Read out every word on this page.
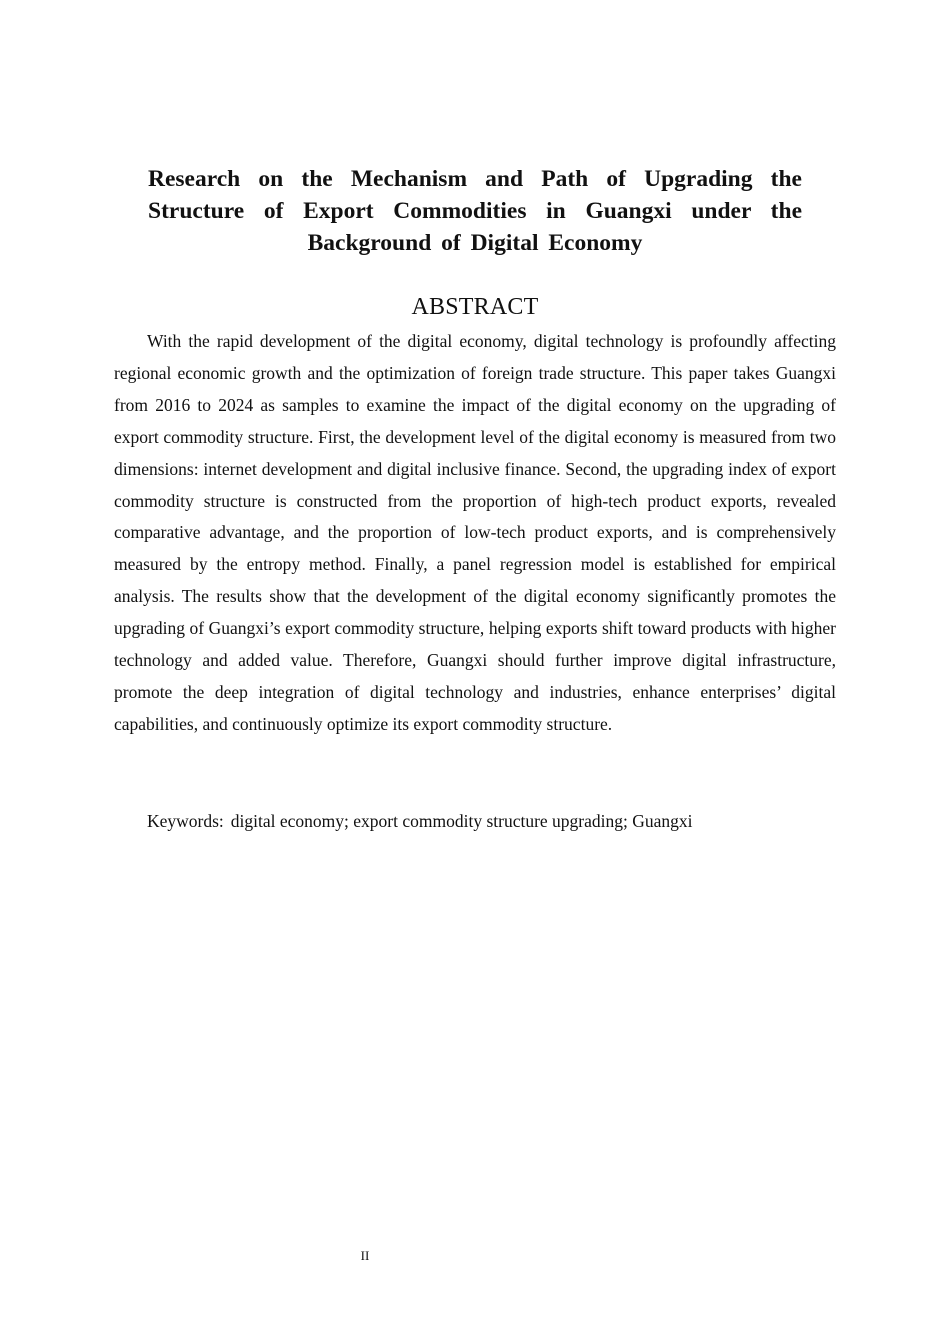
Research on the Mechanism and Path of Upgrading the Structure of Export Commodities in Guangxi under the Background of Digital Economy
ABSTRACT

With the rapid development of the digital economy, digital technology is profoundly affecting regional economic growth and the optimization of foreign trade structure. This paper takes Guangxi from 2016 to 2024 as samples to examine the impact of the digital economy on the upgrading of export commodity structure. First, the development level of the digital economy is measured from two dimensions: internet development and digital inclusive finance. Second, the upgrading index of export commodity structure is constructed from the proportion of high-tech product exports, revealed comparative advantage, and the proportion of low-tech product exports, and is comprehensively measured by the entropy method. Finally, a panel regression model is established for empirical analysis. The results show that the development of the digital economy significantly promotes the upgrading of Guangxi’s export commodity structure, helping exports shift toward products with higher technology and added value. Therefore, Guangxi should further improve digital infrastructure, promote the deep integration of digital technology and industries, enhance enterprises’ digital capabilities, and continuously optimize its export commodity structure.

Keywords: digital economy; export commodity structure upgrading; Guangxi

II
